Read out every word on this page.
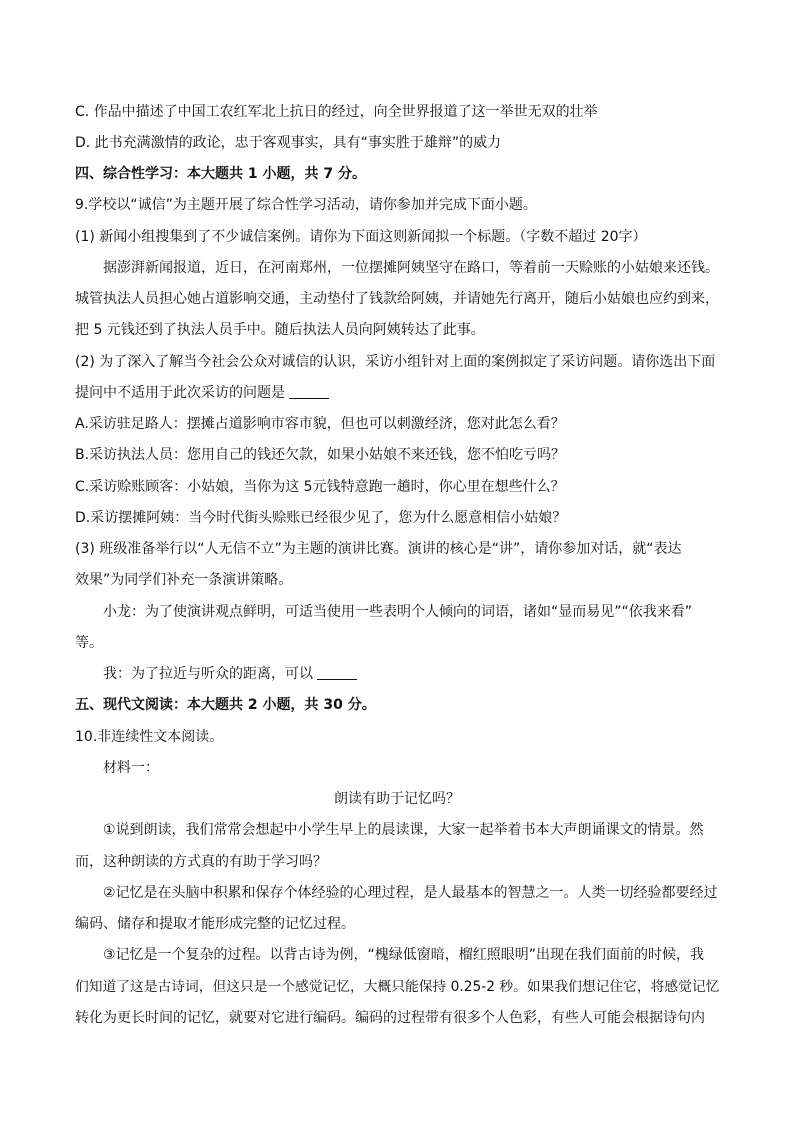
C. 作品中描述了中国工农红军北上抗日的经过，向全世界报道了这一举世无双的壮举
D. 此书充满激情的政论，忠于客观事实，具有“事实胜于雄辩”的威力
四、综合性学习：本大题共 1 小题，共 7 分。
9.学校以“诚信”为主题开展了综合性学习活动，请你参加并完成下面小题。
(1) 新闻小组搜集到了不少诚信案例。请你为下面这则新闻拟一个标题。（字数不超过 20字）
据澎湃新闻报道，近日，在河南郑州，一位摆摊阿姨坚守在路口，等着前一天赊账的小姑娘来还钱。
城管执法人员担心她占道影响交通，主动垫付了钱款给阿姨，并请她先行离开，随后小姑娘也应约到来，
把 5 元钱还到了执法人员手中。随后执法人员向阿姨转达了此事。
(2) 为了深入了解当今社会公众对诚信的认识，采访小组针对上面的案例拟定了采访问题。请你选出下面
提问中不适用于此次采访的问题是
A.采访驻足路人：摆摊占道影响市容市貌，但也可以刺激经济，您对此怎么看？
B.采访执法人员：您用自己的钱还欠款，如果小姑娘不来还钱，您不怕吃亏吗？
C.采访赊账顾客：小姑娘，当你为这 5元钱特意跑一趟时，你心里在想些什么？
D.采访摆摊阿姨：当今时代街头赊账已经很少见了，您为什么愿意相信小姑娘？
(3) 班级准备举行以“人无信不立”为主题的演讲比赛。演讲的核心是“讲”，请你参加对话，就“表达
效果”为同学们补充一条演讲策略。
小龙：为了使演讲观点鲜明，可适当使用一些表明个人倾向的词语，诸如“显而易见”“依我来看”
等。
我：为了拉近与听众的距离，可以
五、现代文阅读：本大题共 2 小题，共 30 分。
10.非连续性文本阅读。
材料一：
朗读有助于记忆吗？
①说到朗读，我们常常会想起中小学生早上的晨读课，大家一起举着书本大声朗诵课文的情景。然
而，这种朗读的方式真的有助于学习吗？
②记忆是在头脑中积累和保存个体经验的心理过程，是人最基本的智慧之一。人类一切经验都要经过
编码、储存和提取才能形成完整的记忆过程。
③记忆是一个复杂的过程。以背古诗为例，“槐绿低窗暗，榴红照眼明”出现在我们面前的时候，我
们知道了这是古诗词，但这只是一个感觉记忆，大概只能保持 0.25-2 秒。如果我们想记住它，将感觉记忆
转化为更长时间的记忆，就要对它进行编码。编码的过程带有很多个人色彩，有些人可能会根据诗句内
